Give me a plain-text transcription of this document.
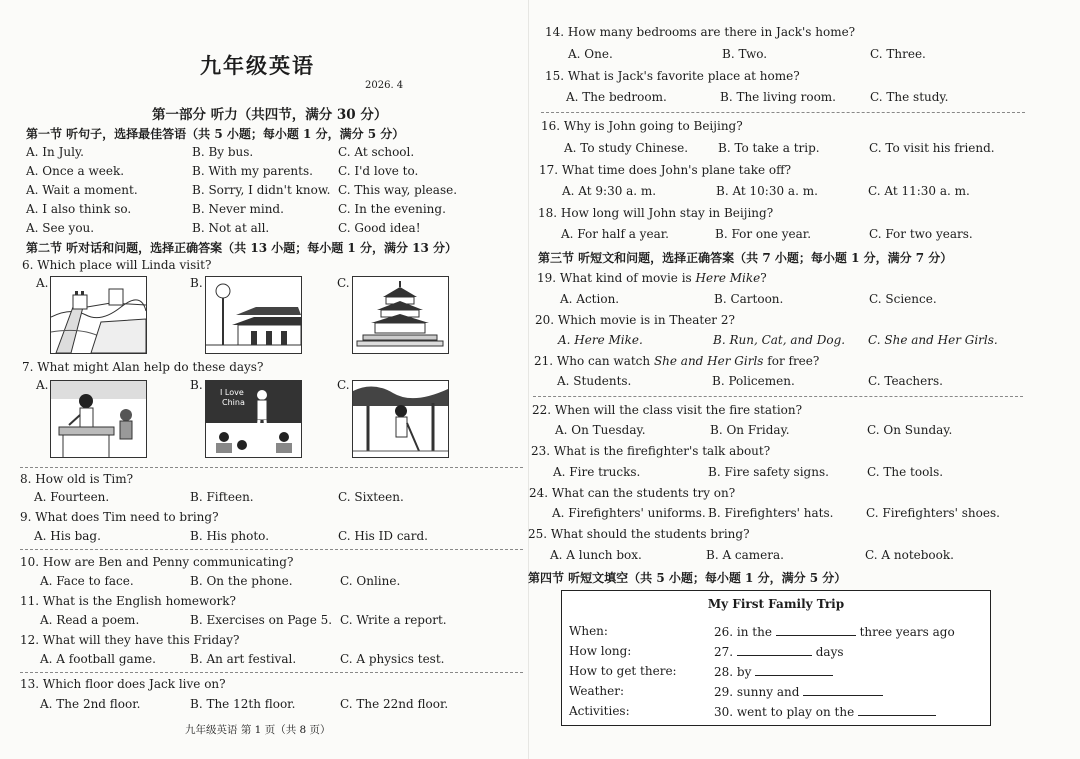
九年级英语
2026. 4
第一部分 听力（共四节，满分 30 分）
第一节 听句子，选择最佳答语（共 5 小题；每小题 1 分，满分 5 分）
A. In July.	B. By bus.	C. At school.
A. Once a week.	B. With my parents. C. I'd love to.
A. Wait a moment.	B. Sorry, I didn't know. C. This way, please.
A. I also think so.	B. Never mind.	C. In the evening.
A. See you.	B. Not at all.	C. Good idea!
第二节 听对话和问题，选择正确答案（共 13 小题；每小题 1 分，满分 13 分）
6. Which place will Linda visit?
A.	B.	C.
7. What might Alan help do these days?
A.	B.	C.
I Love
China
8. How old is Tim?
A. Fourteen.	B. Fifteen.	C. Sixteen.
9. What does Tim need to bring?
A. His bag.	B. His photo.	C. His ID card.
10. How are Ben and Penny communicating?
A. Face to face.	B. On the phone.	C. Online.
11. What is the English homework?
A. Read a poem.	B. Exercises on Page 5. C. Write a report.
12. What will they have this Friday?
A. A football game.	B. An art festival.	C. A physics test.
13. Which floor does Jack live on?
A. The 2nd floor.	B. The 12th floor.	C. The 22nd floor.
九年级英语 第 1 页（共 8 页）
14. How many bedrooms are there in Jack's home?
A. One.	B. Two.	C. Three.
15. What is Jack's favorite place at home?
A. The bedroom.	B. The living room.	C. The study.
16. Why is John going to Beijing?
A. To study Chinese. B. To take a trip.	C. To visit his friend.
17. What time does John's plane take off?
A. At 9:30 a. m.	B. At 10:30 a. m.	C. At 11:30 a. m.
18. How long will John stay in Beijing?
A. For half a year.	B. For one year.	C. For two years.
第三节 听短文和问题，选择正确答案（共 7 小题；每小题 1 分，满分 7 分）
19. What kind of movie is Here Mike?
A. Action.	B. Cartoon.	C. Science.
20. Which movie is in Theater 2?
A. Here Mike.	B. Run, Cat, and Dog. C. She and Her Girls.
21. Who can watch She and Her Girls for free?
A. Students.	B. Policemen.	C. Teachers.
22. When will the class visit the fire station?
A. On Tuesday.	B. On Friday.	C. On Sunday.
23. What is the firefighter's talk about?
A. Fire trucks.	B. Fire safety signs.	C. The tools.
24. What can the students try on?
A. Firefighters' uniforms. B. Firefighters' hats.	C. Firefighters' shoes.
25. What should the students bring?
A. A lunch box.	B. A camera.	C. A notebook.
第四节 听短文填空（共 5 小题；每小题 1 分，满分 5 分）
My First Family Trip
When:	26. in the	three years ago
How long:	27.	days
How to get there:	28. by
Weather:	29. sunny and
Activities:	30. went to play on the
